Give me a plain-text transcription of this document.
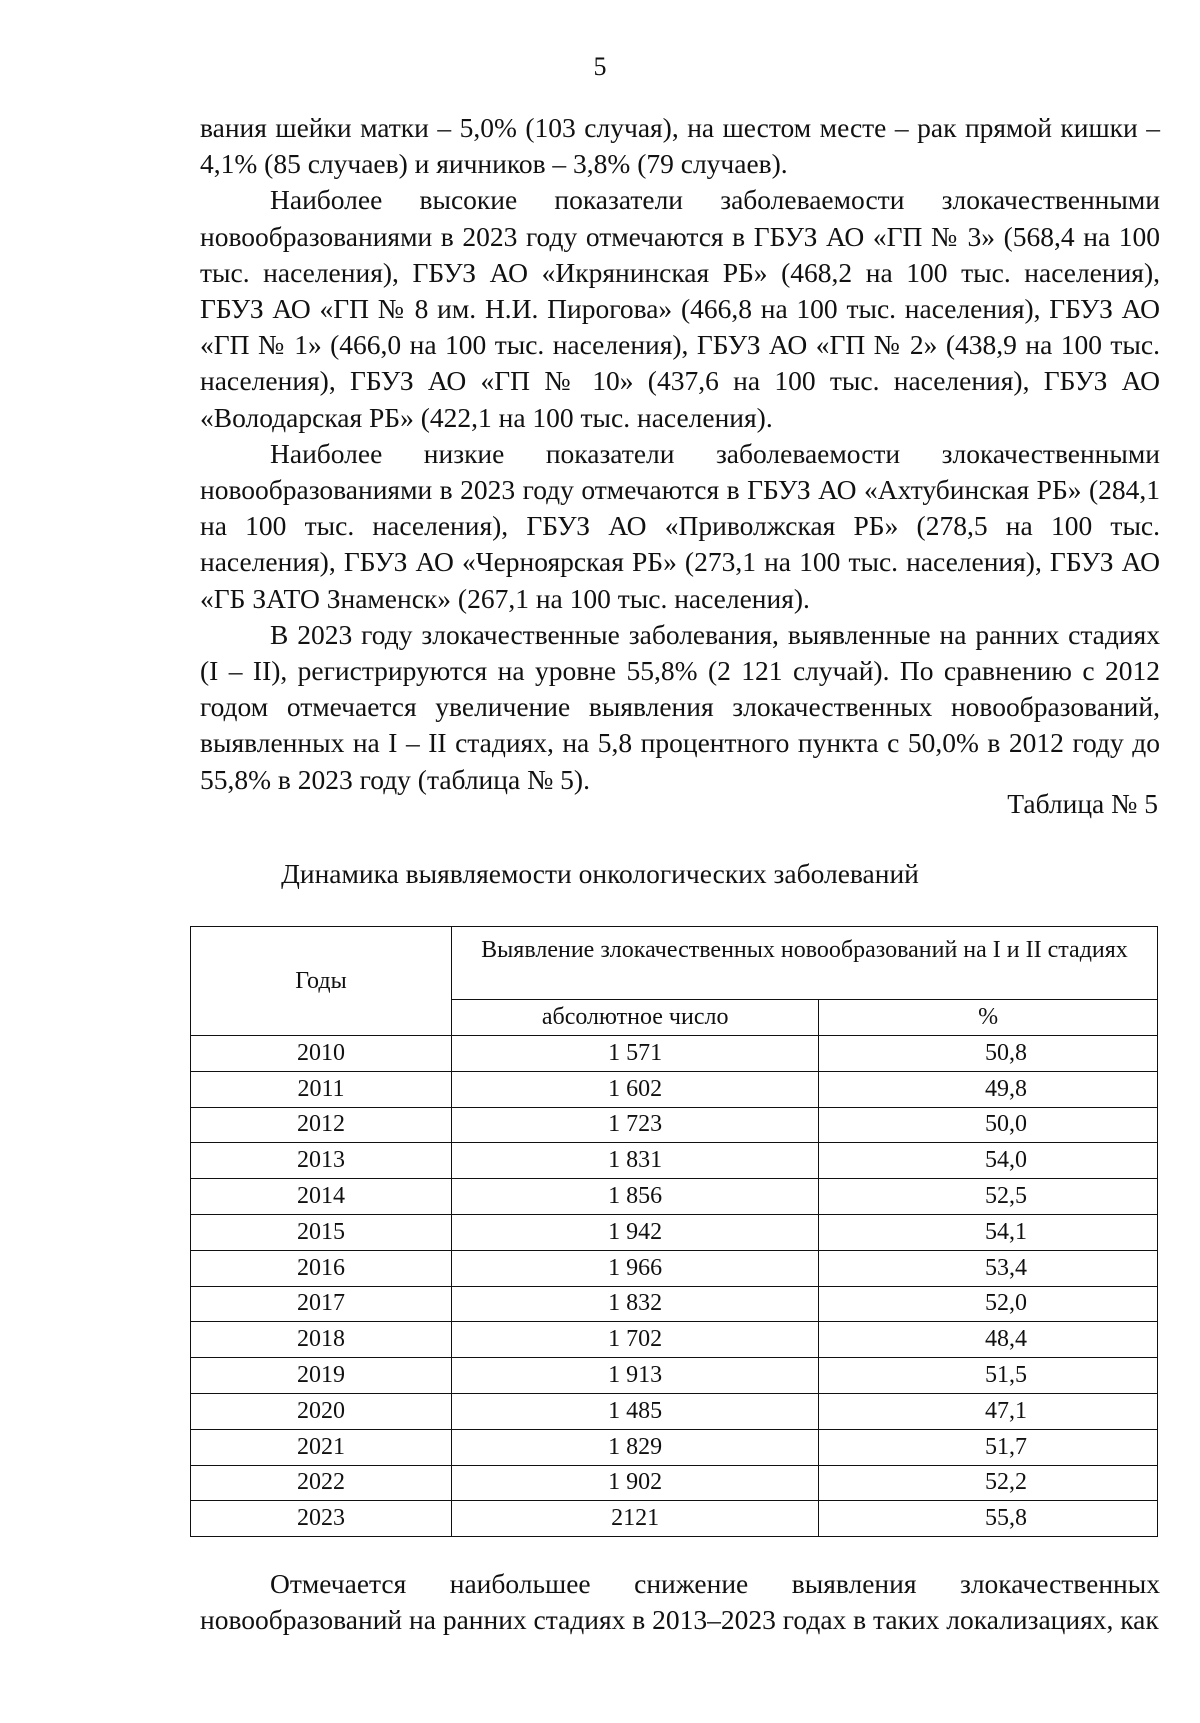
5

вания шейки матки – 5,0% (103 случая), на шестом месте – рак прямой кишки – 4,1% (85 случаев) и яичников – 3,8% (79 случаев).

Наиболее высокие показатели заболеваемости злокачественными новообразованиями в 2023 году отмечаются в ГБУЗ АО «ГП № 3» (568,4 на 100 тыс. населения), ГБУЗ АО «Икрянинская РБ» (468,2 на 100 тыс. населения), ГБУЗ АО «ГП № 8 им. Н.И. Пирогова» (466,8 на 100 тыс. населения), ГБУЗ АО «ГП № 1» (466,0 на 100 тыс. населения), ГБУЗ АО «ГП № 2» (438,9 на 100 тыс. населения), ГБУЗ АО «ГП № 10» (437,6 на 100 тыс. населения), ГБУЗ АО «Володарская РБ» (422,1 на 100 тыс. населения).

Наиболее низкие показатели заболеваемости злокачественными новообразованиями в 2023 году отмечаются в ГБУЗ АО «Ахтубинская РБ» (284,1 на 100 тыс. населения), ГБУЗ АО «Приволжская РБ» (278,5 на 100 тыс. населения), ГБУЗ АО «Черноярская РБ» (273,1 на 100 тыс. населения), ГБУЗ АО «ГБ ЗАТО Знаменск» (267,1 на 100 тыс. населения).

В 2023 году злокачественные заболевания, выявленные на ранних стадиях (I – II), регистрируются на уровне 55,8% (2 121 случай). По сравнению с 2012 годом отмечается увеличение выявления злокачественных новообразований, выявленных на I – II стадиях, на 5,8 процентного пункта с 50,0% в 2012 году до 55,8% в 2023 году (таблица № 5).

Таблица № 5
Динамика выявляемости онкологических заболеваний
Годы	Выявление злокачественных новообразований на I и II стадиях	
	абсолютное число	%
2010	1 571	50,8
2011	1 602	49,8
2012	1 723	50,0
2013	1 831	54,0
2014	1 856	52,5
2015	1 942	54,1
2016	1 966	53,4
2017	1 832	52,0
2018	1 702	48,4
2019	1 913	51,5
2020	1 485	47,1
2021	1 829	51,7
2022	1 902	52,2
2023	2121	55,8

Отмечается наибольшее снижение выявления злокачественных новообразований на ранних стадиях в 2013–2023 годах в таких локализациях, как
